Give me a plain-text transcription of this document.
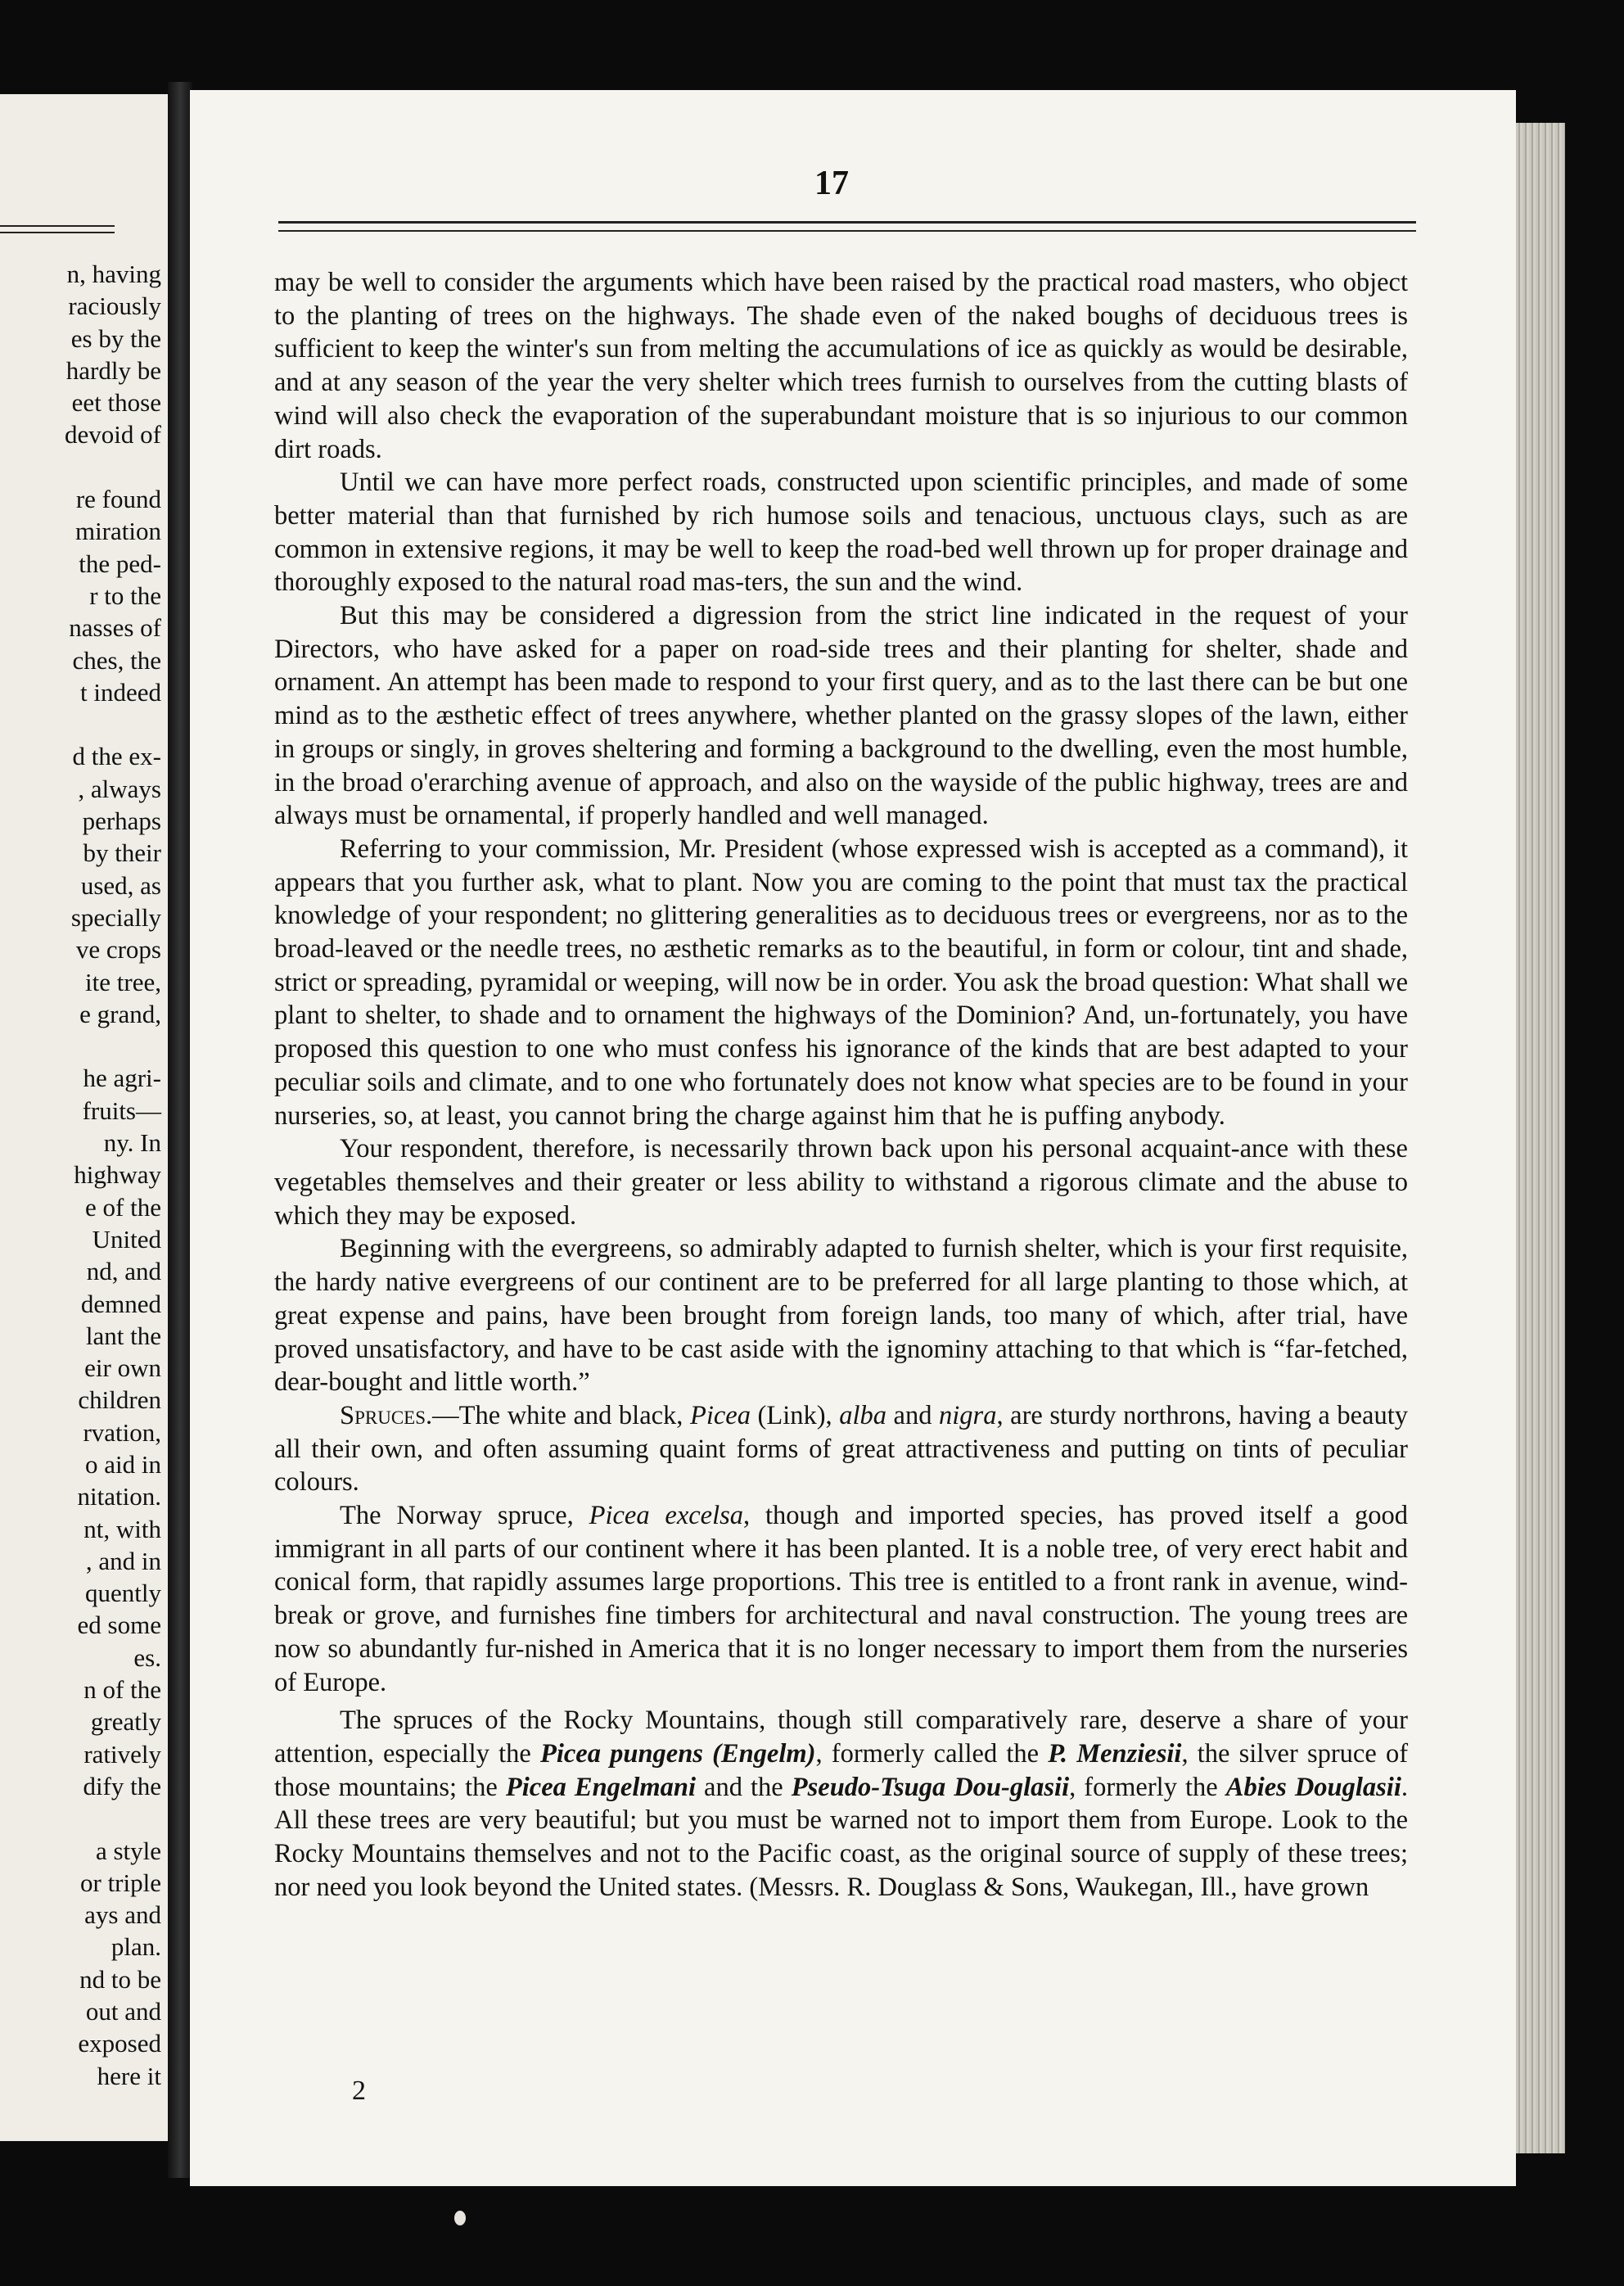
n, having
raciously
es by the
hardly be
eet those
devoid of

re found
miration
the ped-
r to the
nasses of
ches, the
t indeed

d the ex-
, always
perhaps
by their
used, as
specially
ve crops
ite tree,
e grand,

he agri-
fruits—
ny. In
highway
e of the
United
nd, and
demned
lant the
eir own
children
rvation,
o aid in
nitation.
nt, with
, and in
quently
ed some
es.
n of the
greatly
ratively
dify the

a style
or triple
ays and
plan.
nd to be
out and
exposed
here it
17

may be well to consider the arguments which have been raised by the practical road masters, who object to the planting of trees on the highways. The shade even of the naked boughs of deciduous trees is sufficient to keep the winter's sun from melting the accumulations of ice as quickly as would be desirable, and at any season of the year the very shelter which trees furnish to ourselves from the cutting blasts of wind will also check the evaporation of the superabundant moisture that is so injurious to our common dirt roads.

Until we can have more perfect roads, constructed upon scientific principles, and made of some better material than that furnished by rich humose soils and tenacious, unctuous clays, such as are common in extensive regions, it may be well to keep the road-bed well thrown up for proper drainage and thoroughly exposed to the natural road mas-ters, the sun and the wind.

But this may be considered a digression from the strict line indicated in the request of your Directors, who have asked for a paper on road-side trees and their planting for shelter, shade and ornament. An attempt has been made to respond to your first query, and as to the last there can be but one mind as to the æsthetic effect of trees anywhere, whether planted on the grassy slopes of the lawn, either in groups or singly, in groves sheltering and forming a background to the dwelling, even the most humble, in the broad o'erarching avenue of approach, and also on the wayside of the public highway, trees are and always must be ornamental, if properly handled and well managed.

Referring to your commission, Mr. President (whose expressed wish is accepted as a command), it appears that you further ask, what to plant. Now you are coming to the point that must tax the practical knowledge of your respondent; no glittering generalities as to deciduous trees or evergreens, nor as to the broad-leaved or the needle trees, no æsthetic remarks as to the beautiful, in form or colour, tint and shade, strict or spreading, pyramidal or weeping, will now be in order. You ask the broad question: What shall we plant to shelter, to shade and to ornament the highways of the Dominion? And, un-fortunately, you have proposed this question to one who must confess his ignorance of the kinds that are best adapted to your peculiar soils and climate, and to one who fortunately does not know what species are to be found in your nurseries, so, at least, you cannot bring the charge against him that he is puffing anybody.

Your respondent, therefore, is necessarily thrown back upon his personal acquaint-ance with these vegetables themselves and their greater or less ability to withstand a rigorous climate and the abuse to which they may be exposed.

Beginning with the evergreens, so admirably adapted to furnish shelter, which is your first requisite, the hardy native evergreens of our continent are to be preferred for all large planting to those which, at great expense and pains, have been brought from foreign lands, too many of which, after trial, have proved unsatisfactory, and have to be cast aside with the ignominy attaching to that which is “far-fetched, dear-bought and little worth.”

Spruces.—The white and black, Picea (Link), alba and nigra, are sturdy northrons, having a beauty all their own, and often assuming quaint forms of great attractiveness and putting on tints of peculiar colours.

The Norway spruce, Picea excelsa, though and imported species, has proved itself a good immigrant in all parts of our continent where it has been planted. It is a noble tree, of very erect habit and conical form, that rapidly assumes large proportions. This tree is entitled to a front rank in avenue, wind-break or grove, and furnishes fine timbers for architectural and naval construction. The young trees are now so abundantly fur-nished in America that it is no longer necessary to import them from the nurseries of Europe.

The spruces of the Rocky Mountains, though still comparatively rare, deserve a share of your attention, especially the Picea pungens (Engelm), formerly called the P. Menziesii, the silver spruce of those mountains; the Picea Engelmani and the Pseudo-Tsuga Dou-glasii, formerly the Abies Douglasii. All these trees are very beautiful; but you must be warned not to import them from Europe. Look to the Rocky Mountains themselves and not to the Pacific coast, as the original source of supply of these trees; nor need you look beyond the United states. (Messrs. R. Douglass & Sons, Waukegan, Ill., have grown

2
